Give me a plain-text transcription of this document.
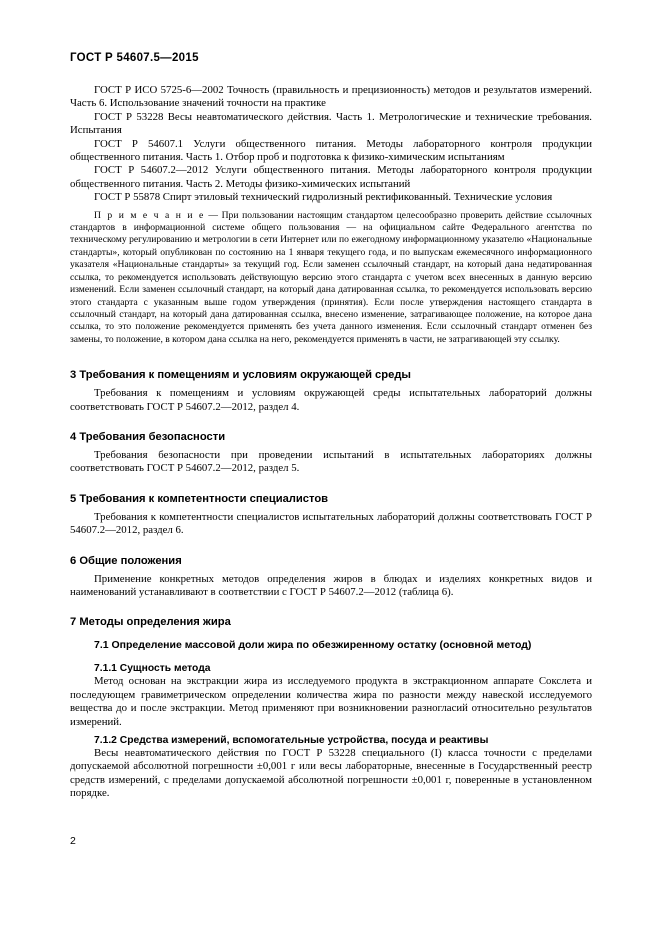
ГОСТ Р 54607.5—2015

ГОСТ Р ИСО 5725-6—2002 Точность (правильность и прецизионность) методов и результатов измерений. Часть 6. Использование значений точности на практике

ГОСТ Р 53228 Весы неавтоматического действия. Часть 1. Метрологические и технические требования. Испытания

ГОСТ Р 54607.1 Услуги общественного питания. Методы лабораторного контроля продукции общественного питания. Часть 1. Отбор проб и подготовка к физико-химическим испытаниям

ГОСТ Р 54607.2—2012 Услуги общественного питания. Методы лабораторного контроля продукции общественного питания. Часть 2. Методы физико-химических испытаний

ГОСТ Р 55878 Спирт этиловый технический гидролизный ректификованный. Технические условия

П р и м е ч а н и е — При пользовании настоящим стандартом целесообразно проверить действие ссылочных стандартов в информационной системе общего пользования — на официальном сайте Федерального агентства по техническому регулированию и метрологии в сети Интернет или по ежегодному информационному указателю «Национальные стандарты», который опубликован по состоянию на 1 января текущего года, и по выпускам ежемесячного информационного указателя «Национальные стандарты» за текущий год. Если заменен ссылочный стандарт, на который дана недатированная ссылка, то рекомендуется использовать действующую версию этого стандарта с учетом всех внесенных в данную версию изменений. Если заменен ссылочный стандарт, на который дана датированная ссылка, то рекомендуется использовать версию этого стандарта с указанным выше годом утверждения (принятия). Если после утверждения настоящего стандарта в ссылочный стандарт, на который дана датированная ссылка, внесено изменение, затрагивающее положение, на которое дана ссылка, то это положение рекомендуется применять без учета данного изменения. Если ссылочный стандарт отменен без замены, то положение, в котором дана ссылка на него, рекомендуется применять в части, не затрагивающей эту ссылку.
3 Требования к помещениям и условиям окружающей среды

Требования к помещениям и условиям окружающей среды испытательных лабораторий должны соответствовать ГОСТ Р 54607.2—2012, раздел 4.

4 Требования безопасности

Требования безопасности при проведении испытаний в испытательных лабораториях должны соответствовать ГОСТ Р 54607.2—2012, раздел 5.

5 Требования к компетентности специалистов

Требования к компетентности специалистов испытательных лабораторий должны соответствовать ГОСТ Р 54607.2—2012, раздел 6.

6 Общие положения

Применение конкретных методов определения жиров в блюдах и изделиях конкретных видов и наименований устанавливают в соответствии с ГОСТ Р 54607.2—2012 (таблица 6).

7 Методы определения жира
7.1 Определение массовой доли жира по обезжиренному остатку (основной метод)
7.1.1 Сущность метода

Метод основан на экстракции жира из исследуемого продукта в экстракционном аппарате Сокслета и последующем гравиметрическом определении количества жира по разности между навеской исследуемого вещества до и после экстракции. Метод применяют при возникновении разногласий относительно результатов измерений.

7.1.2 Средства измерений, вспомогательные устройства, посуда и реактивы

Весы неавтоматического действия по ГОСТ Р 53228 специального (I) класса точности с пределами допускаемой абсолютной погрешности ±0,001 г или весы лабораторные, внесенные в Государственный реестр средств измерений, с пределами допускаемой абсолютной погрешности ±0,001 г, поверенные в установленном порядке.

2
